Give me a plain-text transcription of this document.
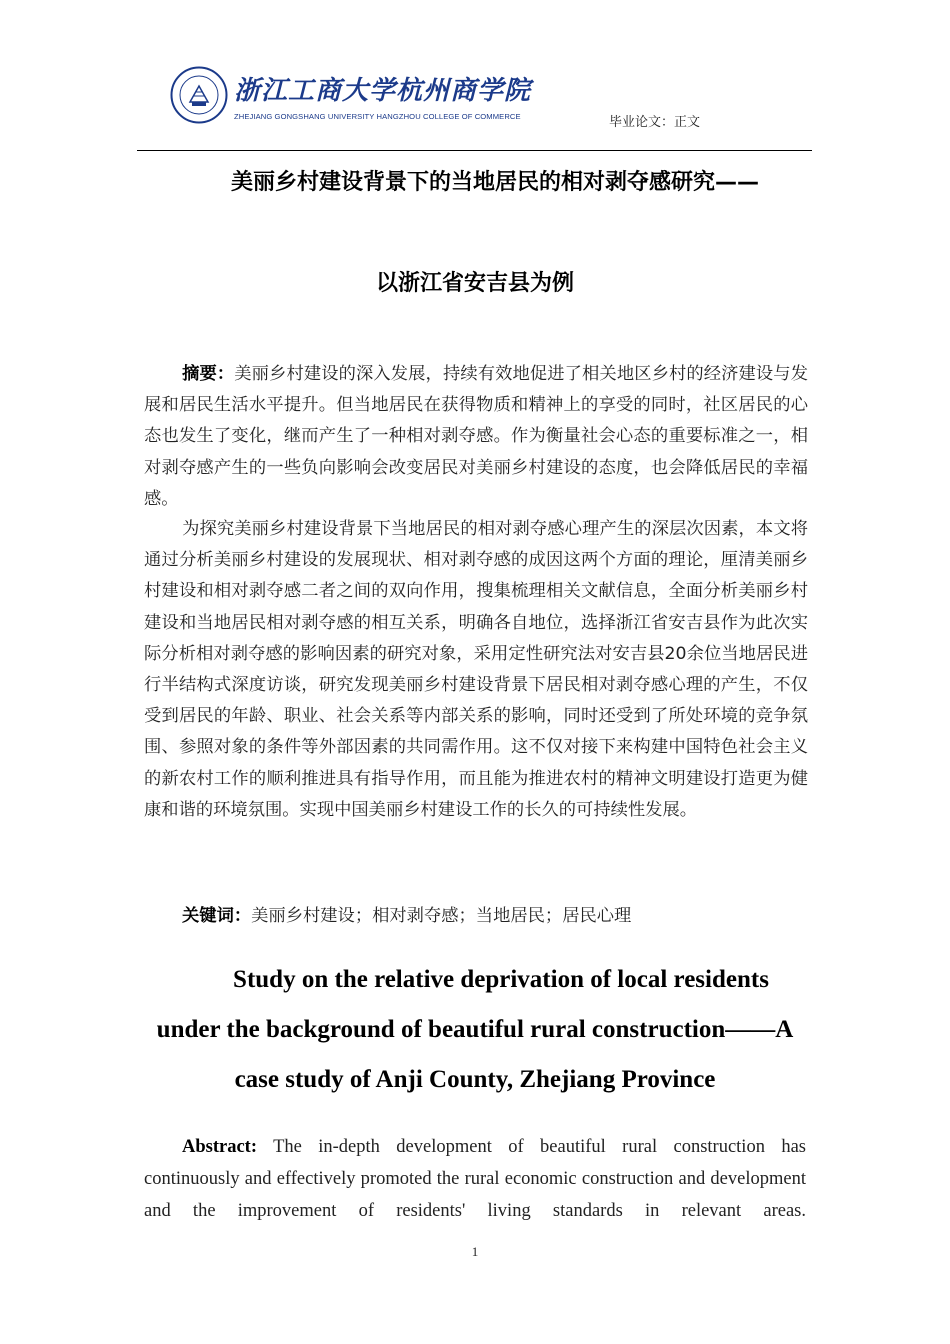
浙江工商大学杭州商学院
ZHEJIANG GONGSHANG UNIVERSITY HANGZHOU COLLEGE OF COMMERCE	毕业论文：正文
美丽乡村建设背景下的当地居民的相对剥夺感研究——
以浙江省安吉县为例
摘要：美丽乡村建设的深入发展，持续有效地促进了相关地区乡村的经济建设与发展和居民生活水平提升。但当地居民在获得物质和精神上的享受的同时，社区居民的心态也发生了变化，继而产生了一种相对剥夺感。作为衡量社会心态的重要标准之一，相对剥夺感产生的一些负向影响会改变居民对美丽乡村建设的态度，也会降低居民的幸福感。
为探究美丽乡村建设背景下当地居民的相对剥夺感心理产生的深层次因素，本文将通过分析美丽乡村建设的发展现状、相对剥夺感的成因这两个方面的理论，厘清美丽乡村建设和相对剥夺感二者之间的双向作用，搜集梳理相关文献信息，全面分析美丽乡村建设和当地居民相对剥夺感的相互关系，明确各自地位，选择浙江省安吉县作为此次实际分析相对剥夺感的影响因素的研究对象，采用定性研究法对安吉县20余位当地居民进行半结构式深度访谈，研究发现美丽乡村建设背景下居民相对剥夺感心理的产生，不仅受到居民的年龄、职业、社会关系等内部关系的影响，同时还受到了所处环境的竞争氛围、参照对象的条件等外部因素的共同需作用。这不仅对接下来构建中国特色社会主义的新农村工作的顺利推进具有指导作用，而且能为推进农村的精神文明建设打造更为健康和谐的环境氛围。实现中国美丽乡村建设工作的长久的可持续性发展。
关键词：美丽乡村建设；相对剥夺感；当地居民；居民心理
Study on the relative deprivation of local residents
under the background of beautiful rural construction——A
case study of Anji County, Zhejiang Province
Abstract: The in-depth development of beautiful rural construction has continuously and effectively promoted the rural economic construction and development and the improvement of residents' living standards in relevant areas.
1
